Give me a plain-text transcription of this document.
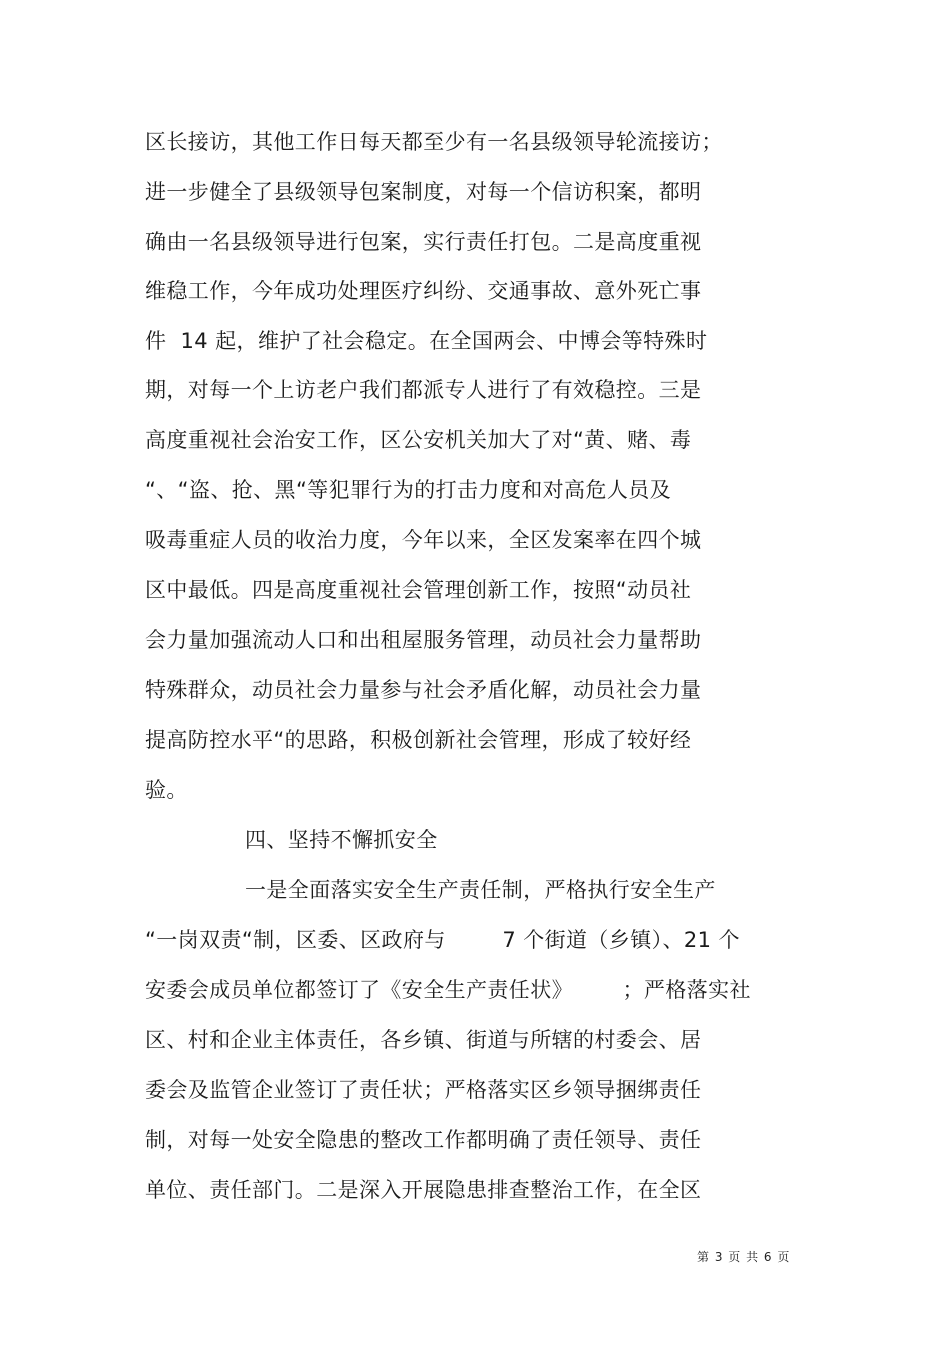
区长接访，其他工作日每天都至少有一名县级领导轮流接访；
进一步健全了县级领导包案制度，对每一个信访积案，都明
确由一名县级领导进行包案，实行责任打包。二是高度重视
维稳工作，今年成功处理医疗纠纷、交通事故、意外死亡事
件  14 起，维护了社会稳定。在全国两会、中博会等特殊时
期，对每一个上访老户我们都派专人进行了有效稳控。三是
高度重视社会治安工作，区公安机关加大了对“黄、赌、毒
“、“盗、抢、黑“等犯罪行为的打击力度和对高危人员及
吸毒重症人员的收治力度，今年以来，全区发案率在四个城
区中最低。四是高度重视社会管理创新工作，按照“动员社
会力量加强流动人口和出租屋服务管理，动员社会力量帮助
特殊群众，动员社会力量参与社会矛盾化解，动员社会力量
提高防控水平“的思路，积极创新社会管理，形成了较好经
验。
四、坚持不懈抓安全
一是全面落实安全生产责任制，严格执行安全生产
“一岗双责“制，区委、区政府与        7 个街道（乡镇）、21 个
安委会成员单位都签订了《安全生产责任状》       ；严格落实社
区、村和企业主体责任，各乡镇、街道与所辖的村委会、居
委会及监管企业签订了责任状；严格落实区乡领导捆绑责任
制，对每一处安全隐患的整改工作都明确了责任领导、责任
单位、责任部门。二是深入开展隐患排查整治工作，在全区
第 3 页 共 6 页
